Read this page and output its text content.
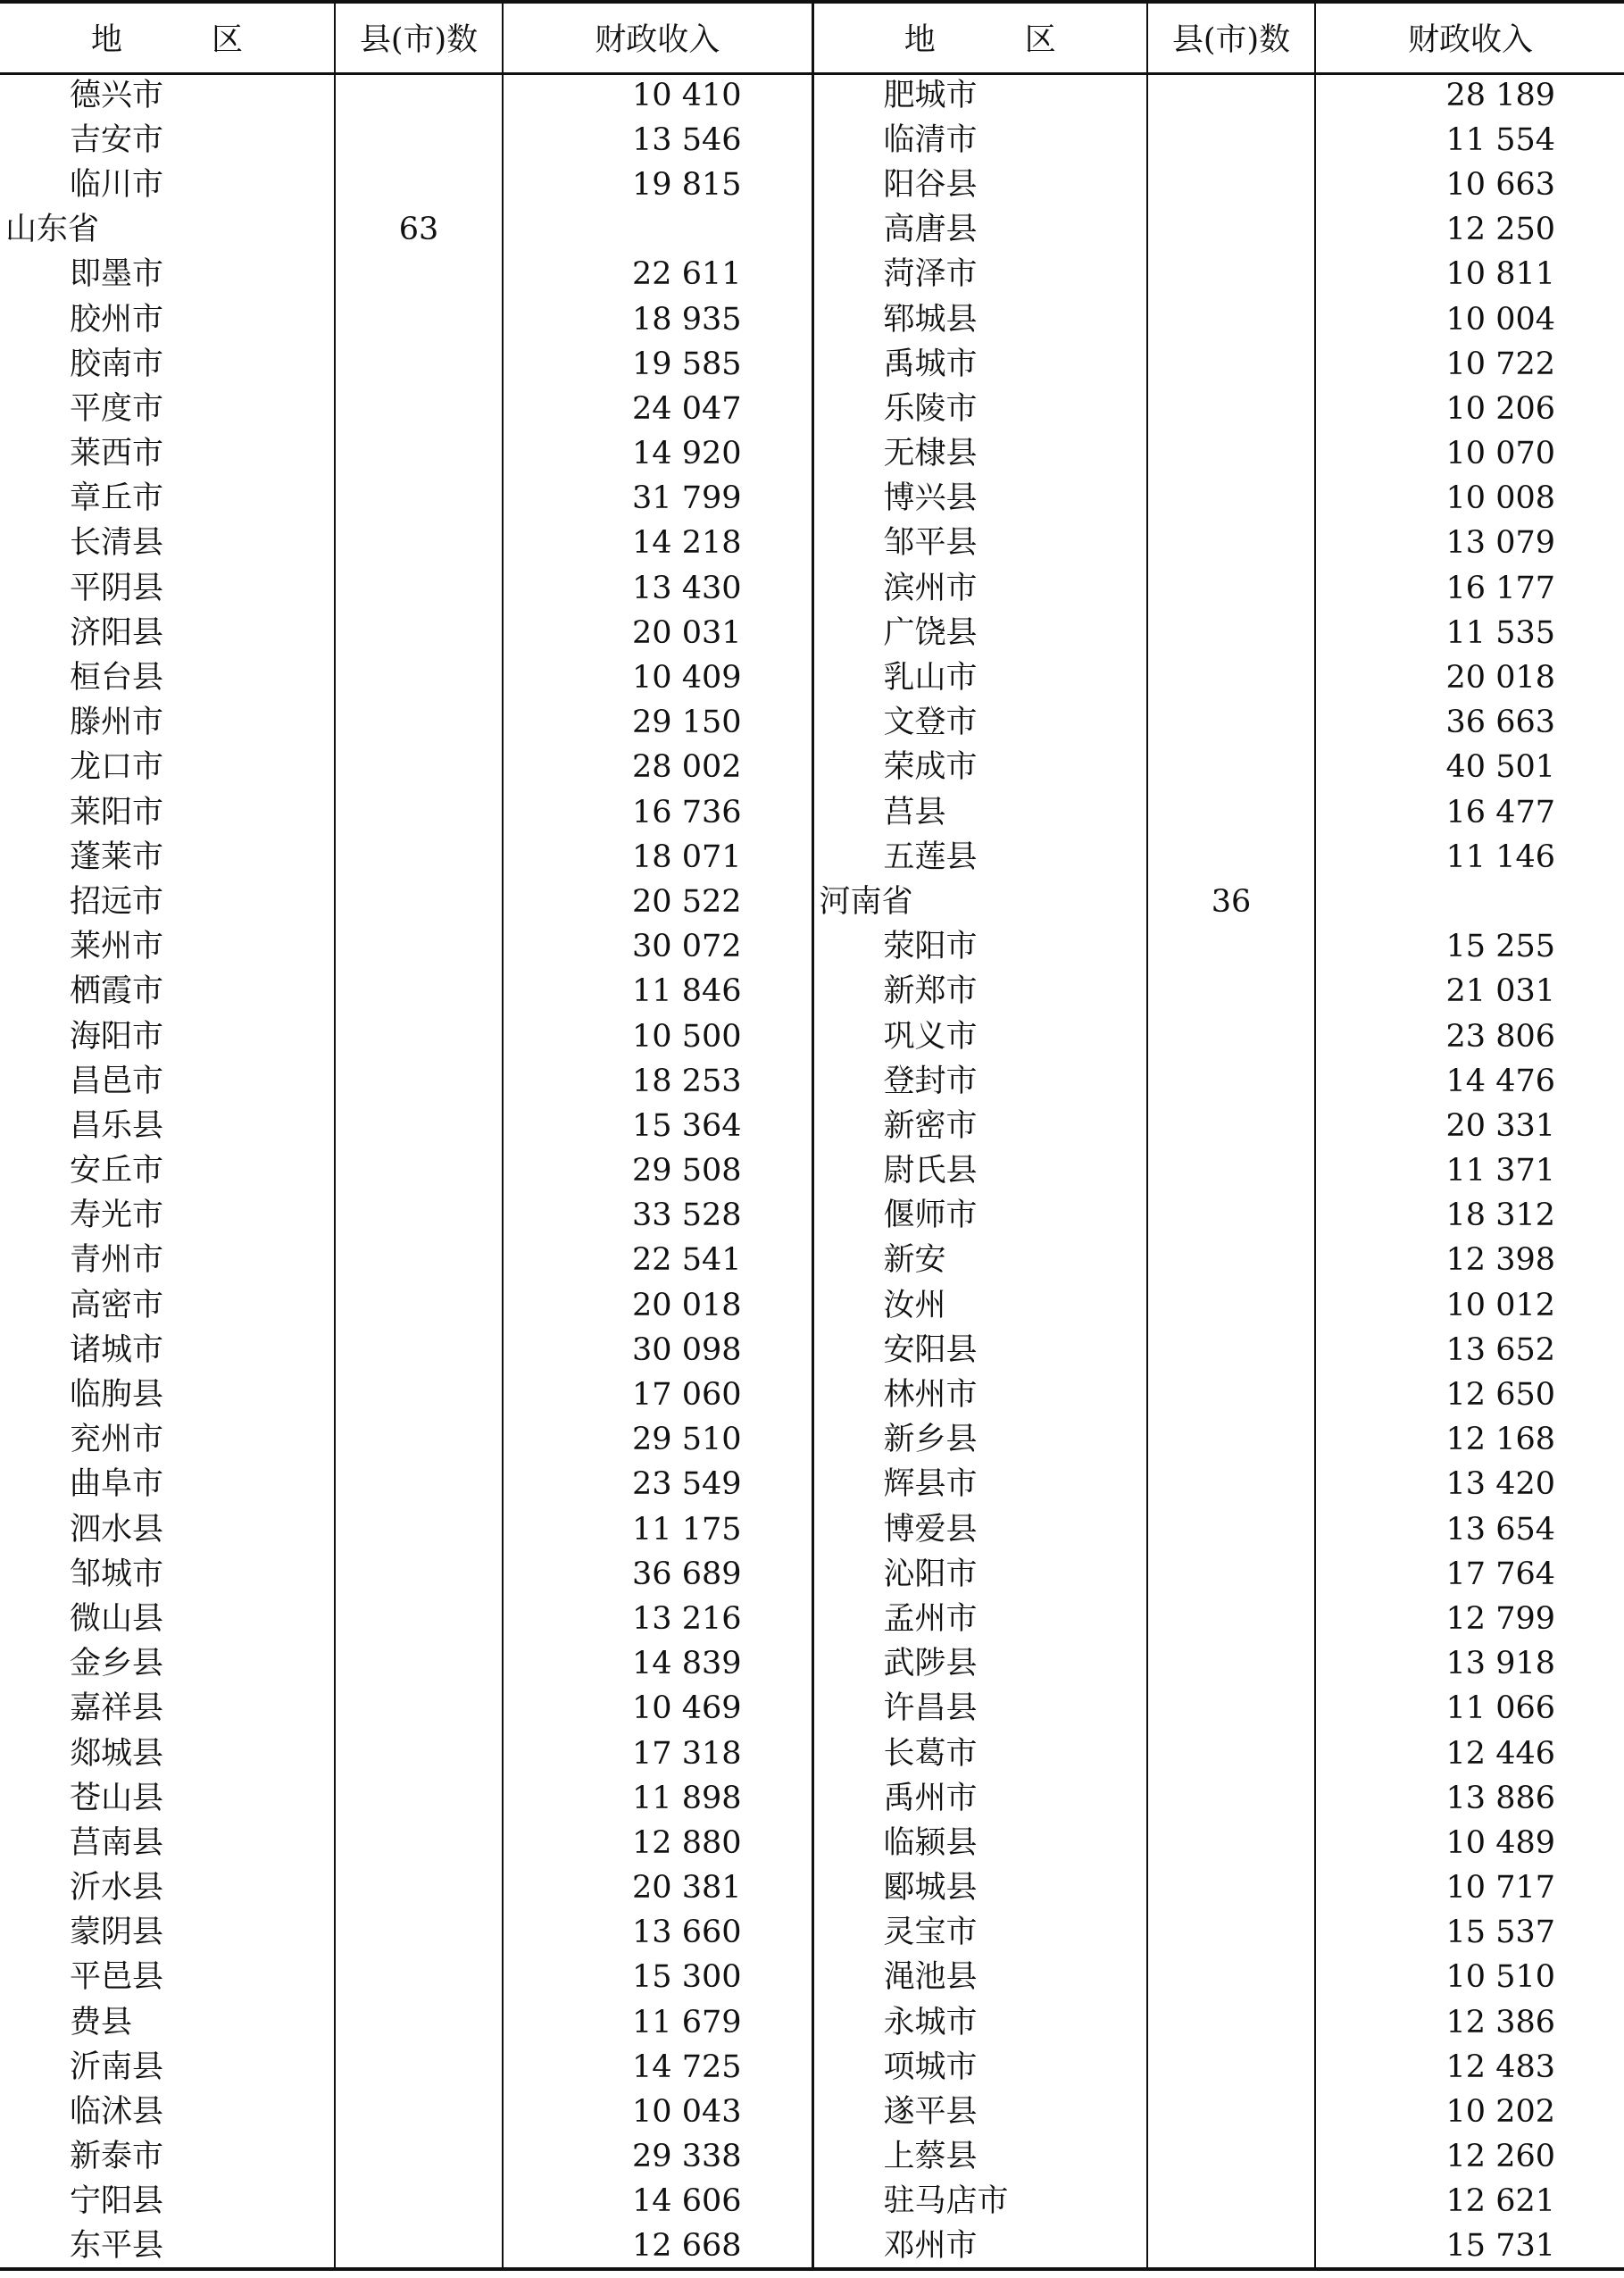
地 区	县(市)数	财政收入	地 区	县(市)数	财政收入
德兴市		10 410	肥城市		28 189
吉安市		13 546	临清市		11 554
临川市		19 815	阳谷县		10 663
山东省	63		高唐县		12 250
即墨市		22 611	菏泽市		10 811
胶州市		18 935	郓城县		10 004
胶南市		19 585	禹城市		10 722
平度市		24 047	乐陵市		10 206
莱西市		14 920	无棣县		10 070
章丘市		31 799	博兴县		10 008
长清县		14 218	邹平县		13 079
平阴县		13 430	滨州市		16 177
济阳县		20 031	广饶县		11 535
桓台县		10 409	乳山市		20 018
滕州市		29 150	文登市		36 663
龙口市		28 002	荣成市		40 501
莱阳市		16 736	莒县		16 477
蓬莱市		18 071	五莲县		11 146
招远市		20 522	河南省	36	
莱州市		30 072	荥阳市		15 255
栖霞市		11 846	新郑市		21 031
海阳市		10 500	巩义市		23 806
昌邑市		18 253	登封市		14 476
昌乐县		15 364	新密市		20 331
安丘市		29 508	尉氏县		11 371
寿光市		33 528	偃师市		18 312
青州市		22 541	新安		12 398
高密市		20 018	汝州		10 012
诸城市		30 098	安阳县		13 652
临朐县		17 060	林州市		12 650
兖州市		29 510	新乡县		12 168
曲阜市		23 549	辉县市		13 420
泗水县		11 175	博爱县		13 654
邹城市		36 689	沁阳市		17 764
微山县		13 216	孟州市		12 799
金乡县		14 839	武陟县		13 918
嘉祥县		10 469	许昌县		11 066
郯城县		17 318	长葛市		12 446
苍山县		11 898	禹州市		13 886
莒南县		12 880	临颍县		10 489
沂水县		20 381	郾城县		10 717
蒙阴县		13 660	灵宝市		15 537
平邑县		15 300	渑池县		10 510
费县		11 679	永城市		12 386
沂南县		14 725	项城市		12 483
临沭县		10 043	遂平县		10 202
新泰市		29 338	上蔡县		12 260
宁阳县		14 606	驻马店市		12 621
东平县		12 668	邓州市		15 731
